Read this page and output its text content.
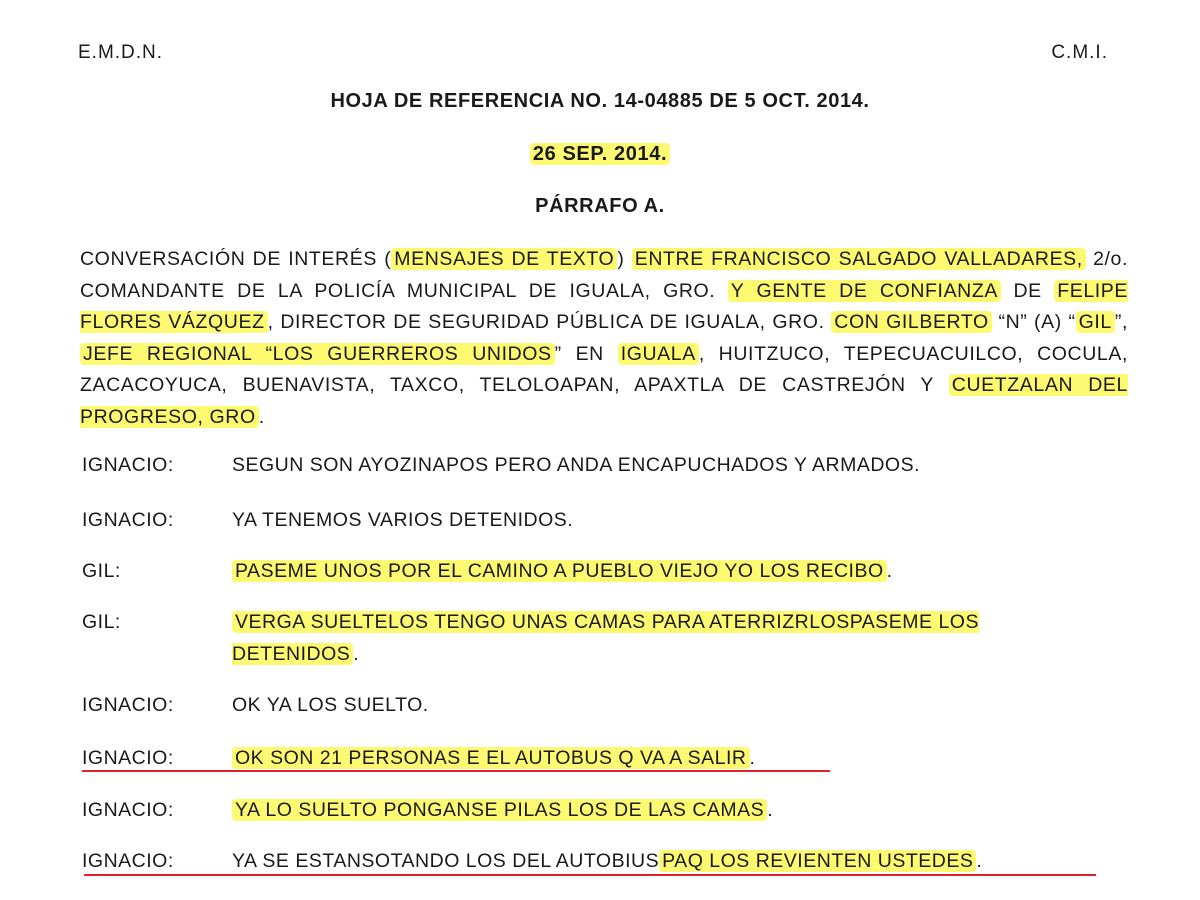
E.M.D.N.	C.M.I.
HOJA DE REFERENCIA NO. 14-04885 DE 5 OCT. 2014.
26 SEP. 2014.
PÁRRAFO A.
CONVERSACIÓN DE INTERÉS ( MENSAJES DE TEXTO ) ENTRE FRANCISCO SALGADO VALLADARES, 2/o. COMANDANTE DE LA POLICÍA MUNICIPAL DE IGUALA, GRO. Y GENTE DE CONFIANZA DE FELIPE FLORES VÁZQUEZ , DIRECTOR DE SEGURIDAD PÚBLICA DE IGUALA, GRO. CON GILBERTO “N” (A) “ GIL ”, JEFE REGIONAL “LOS GUERREROS UNIDOS ” EN IGUALA , HUITZUCO, TEPECUACUILCO, COCULA, ZACACOYUCA, BUENAVISTA, TAXCO, TELOLOAPAN, APAXTLA DE CASTREJÓN Y CUETZALAN DEL PROGRESO, GRO .
IGNACIO:	SEGUN SON AYOZINAPOS PERO ANDA ENCAPUCHADOS Y ARMADOS.
IGNACIO:	YA TENEMOS VARIOS DETENIDOS.
GIL:	PASEME UNOS POR EL CAMINO A PUEBLO VIEJO YO LOS RECIBO .
GIL:	VERGA SUELTELOS TENGO UNAS CAMAS PARA ATERRIZRLOSPASEME LOS DETENIDOS .
IGNACIO:	OK YA LOS SUELTO.
IGNACIO:	OK SON 21 PERSONAS E EL AUTOBUS Q VA A SALIR .
IGNACIO:	YA LO SUELTO PONGANSE PILAS LOS DE LAS CAMAS .
IGNACIO:	YA SE ESTANSOTANDO LOS DEL AUTOBIUS PAQ LOS REVIENTEN USTEDES .
